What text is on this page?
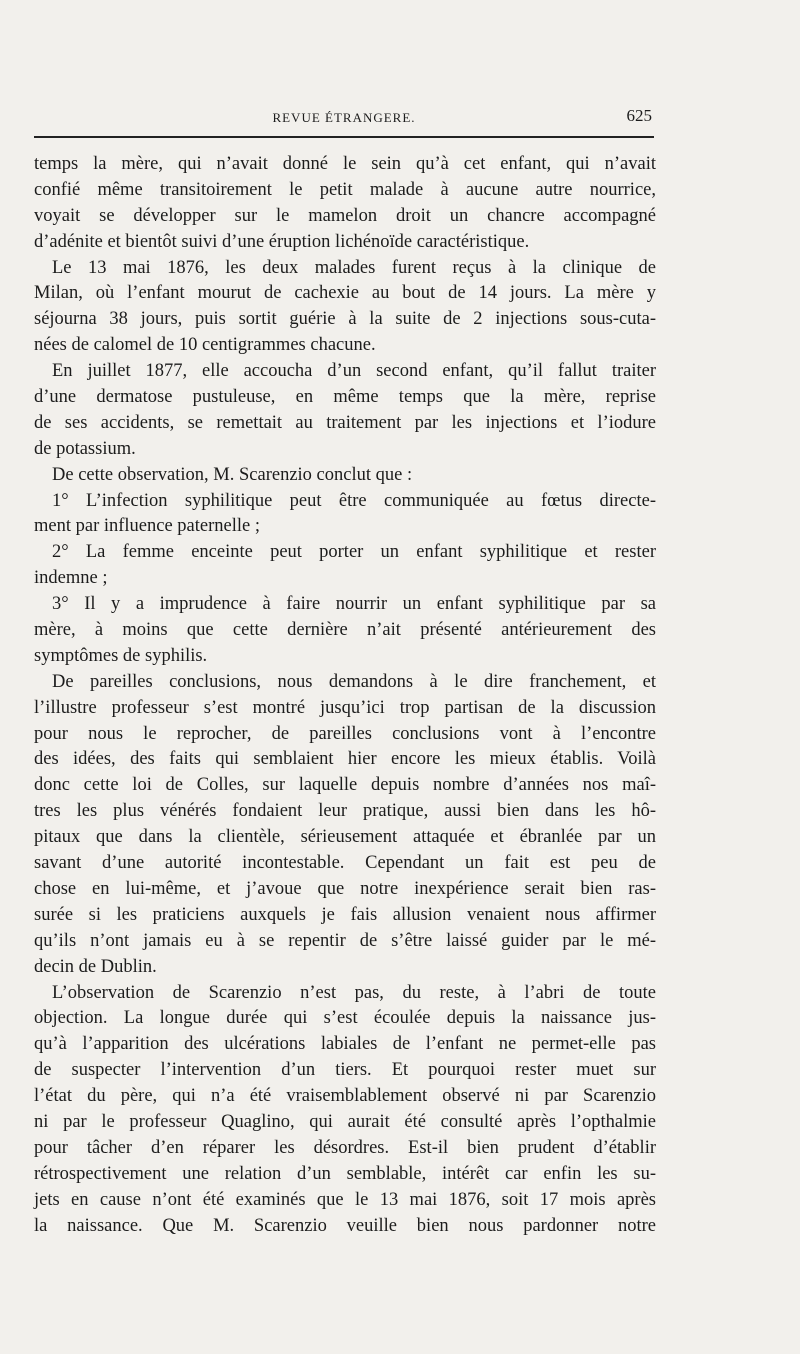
REVUE ÉTRANGERE.	625
temps la mère, qui n’avait donné le sein qu’à cet enfant, qui n’avait
confié même transitoirement le petit malade à aucune autre nourrice,
voyait se développer sur le mamelon droit un chancre accompagné
d’adénite et bientôt suivi d’une éruption lichénoïde caractéristique.
Le 13 mai 1876, les deux malades furent reçus à la clinique de
Milan, où l’enfant mourut de cachexie au bout de 14 jours. La mère y
séjourna 38 jours, puis sortit guérie à la suite de 2 injections sous-cuta-
nées de calomel de 10 centigrammes chacune.
En juillet 1877, elle accoucha d’un second enfant, qu’il fallut traiter
d’une dermatose pustuleuse, en même temps que la mère, reprise
de ses accidents, se remettait au traitement par les injections et l’iodure
de potassium.
De cette observation, M. Scarenzio conclut que :
1° L’infection syphilitique peut être communiquée au fœtus directe-
ment par influence paternelle ;
2° La femme enceinte peut porter un enfant syphilitique et rester
indemne ;
3° Il y a imprudence à faire nourrir un enfant syphilitique par sa
mère, à moins que cette dernière n’ait présenté antérieurement des
symptômes de syphilis.
De pareilles conclusions, nous demandons à le dire franchement, et
l’illustre professeur s’est montré jusqu’ici trop partisan de la discussion
pour nous le reprocher, de pareilles conclusions vont à l’encontre
des idées, des faits qui semblaient hier encore les mieux établis. Voilà
donc cette loi de Colles, sur laquelle depuis nombre d’années nos maî-
tres les plus vénérés fondaient leur pratique, aussi bien dans les hô-
pitaux que dans la clientèle, sérieusement attaquée et ébranlée par un
savant d’une autorité incontestable. Cependant un fait est peu de
chose en lui-même, et j’avoue que notre inexpérience serait bien ras-
surée si les praticiens auxquels je fais allusion venaient nous affirmer
qu’ils n’ont jamais eu à se repentir de s’être laissé guider par le mé-
decin de Dublin.
L’observation de Scarenzio n’est pas, du reste, à l’abri de toute
objection. La longue durée qui s’est écoulée depuis la naissance jus-
qu’à l’apparition des ulcérations labiales de l’enfant ne permet-elle pas
de suspecter l’intervention d’un tiers. Et pourquoi rester muet sur
l’état du père, qui n’a été vraisemblablement observé ni par Scarenzio
ni par le professeur Quaglino, qui aurait été consulté après l’opthalmie
pour tâcher d’en réparer les désordres. Est-il bien prudent d’établir
rétrospectivement une relation d’un semblable, intérêt car enfin les su-
jets en cause n’ont été examinés que le 13 mai 1876, soit 17 mois après
la naissance. Que M. Scarenzio veuille bien nous pardonner notre
